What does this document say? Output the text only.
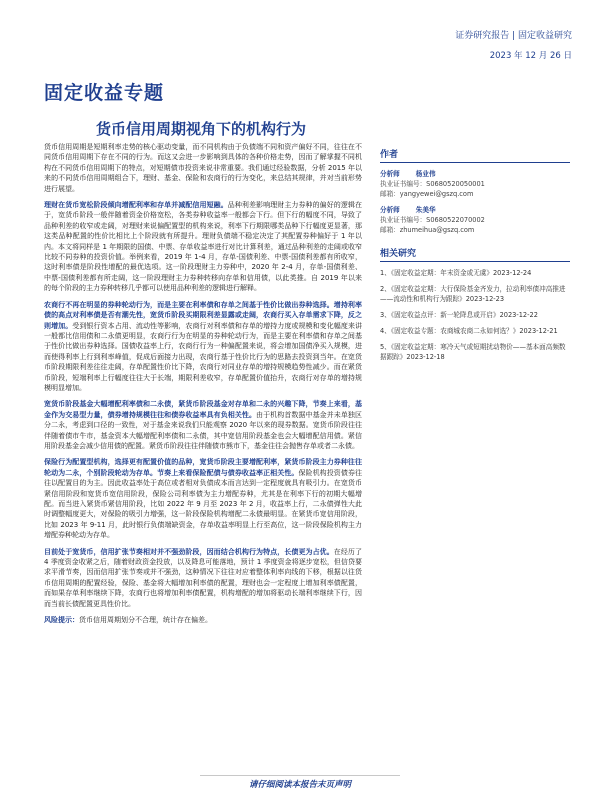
证券研究报告 | 固定收益研究
2023 年 12 月 26 日
固定收益专题
货币信用周期视角下的机构行为

货币信用周期是短期利率走势的核心驱动变量，而不同机构由于负债端不同和资产偏好不同，往往在不同货币信用周期下存在不同的行为。而这又会进一步影响到具体的各种价格走势，因而了解掌握不同机构在不同货币信用周期下的特点，对短期债市投资来说非常重要。我们通过经验数据，分析 2015 年以来的不同货币信用周期组合下，理财、基金、保险和农商行的行为变化，来总结其规律，并对当前形势进行展望。

理财在货币宽松阶段倾向增配利率和存单并减配信用短融。品种利差影响理财主力券种的偏好的逻辑在于，宽货币阶段一般伴随着资金价格宽松，各类券种收益率一般都会下行。但下行的幅度不同，导致了品种利差的收窄或走阔，对理财来说偏配置型的机构来说，利率下行期限哪类品种下行幅度更显著，那这类品种配置的性价比相比上个阶段就有所提升。理财负债端不稳定决定了其配置券种偏好于 1 年以内。本文将同样是 1 年期限的国债、中票、存单收益率进行对比计算利差，通过品种利差的走阔或收窄比较不同券种的投资价值。举例来看，2019 年 1-4 月，存单-国债利差、中票-国债利差都有所收窄，这时利率债是阶段性增配的最优选项。这一阶段理财主力券种中，2020 年 2-4 月，存单-国债利差、中票-国债利差都有所走阔，这一阶段理财主力券种转移向存单和信用债，以此类推。自 2019 年以来的每个阶段的主力券种转移几乎都可以使用品种利差的逻辑进行解释。

农商行不再在明显的券种轮动行为，而是主要在利率债和存单之间基于性价比做出券种选择。增持利率债的高点对利率债是否有潮先性，宽货币阶段买期限利差显露或走阔，农商行买入存单需求下降，反之则增加。受到银行资本占用、流动性等影响，农商行对利率债和存单的增持力度或规模和变化幅度来讲一般都比信用债和二永债更明显，农商行行为在明显的券种轮动行为，而是主要在利率债和存单之间基于性价比做出券种选择。国债收益率上行，农商行行为一种偏配置来说，将会增加国债净买入规模，进而使得利率上行到利率峰值，促成后面接力出现，农商行基于性价比行为的思路去投资到当年。在宽货币阶段期限利差往往走阔，存单配置性价比下降，农商行对同业存单的增持规模趋势性减少。而在紧货币阶段，短端利率上行幅度往往大于长端，期限利差收窄，存单配置价值抬升，农商行对存单的增持规模明显增加。

宽货币阶段基金大幅增配利率债和二永债，紧货币阶段基金对存单和二永的兴趣下降，节奏上来看，基金作为交易型力量，债券增持规模往往和债券收益率具有负相关性。由于机构首数据中基金并未单独区分二永，考虑到口径的一致性，对于基金来说我们只能观察 2020 年以来的现券数据。宽货币阶段往往伴随着债市牛市，基金资本大幅增配利率债和二永债，其中宽信用阶段基金也会大幅增配信用债。紧信用阶段基金会减少信用债的配置。紧货币阶段往往伴随债市熊市下，基金往往会抛售存单或者二永债。

保险行为配置型机构，选择更有配置价值的品种，宽货币阶段主要增配利率，紧货币阶段主力券种往往轮动为二永，个别阶段轮动为存单。节奏上来看保险配债与债券收益率正相关性。保险机构投资债券往往以配置目的为主。因此收益率处于高位或者相对负债成本而言达到一定程度就具有吸引力。在宽货币紧信用阶段和宽货币宽信用阶段，保险公司利率债为主力增配券种，尤其是在利率下行的初期大幅增配。而当进入紧货币紧信用阶段，比如 2022 年 9 月至 2023 年 2 月，收益率上行，二永债弹性大此时调整幅度更大，对保险的吸引力增强，这一阶段保险机构增配二永债最明显。在紧货币宽信用阶段，比如 2023 年 9-11 月，此时银行负债端缺资金，存单收益率明显上行至高位，这一阶段保险机构主力增配券种轮动为存单。

目前处于宽货币，信用扩张节奏相对并不强劲阶段，因而结合机构行为特点，长债更为占优。在经历了 4 季度资金收紧之后，随着财政资金投放，以及降息可能落地，预计 1 季度资金将逐步宽松，但信贷要求平滑节奏，因而信用扩张节奏或并不强劲，这种情况下往往对应着整体利率向线的下移，根据以往货币信用周期的配置经验，保险、基金将大幅增加利率债的配置，理财也会一定程度上增加利率债配置，而如果存单利率继续下降，农商行也将增加利率债配置，机构增配的增加将驱动长端利率继续下行，因而当前长债配置更具性价比。

风险提示：货币信用周期划分不合理，统计存在偏差。

作者
分析师 杨业伟
执业证书编号：S0680520050001
邮箱：yangyewei@gszq.com
分析师 朱美华
执业证书编号：S0680522070002
邮箱：zhumeihua@gszq.com
相关研究
1、《固定收益定期：年末资金或无虞》2023-12-24
2、《固定收益定期：大行保险基金齐发力，拉动利率债冲高推进——流动性和机构行为跟踪》2023-12-23
3、《固定收益点评：新一轮降息或开启》2023-12-22
4、《固定收益专题：农商城农商二永如何选？》2023-12-21
5、《固定收益定期：寒冷天气或短期扰动物价——基本面高频数据跟踪》2023-12-18
请仔细阅读本报告末页声明
